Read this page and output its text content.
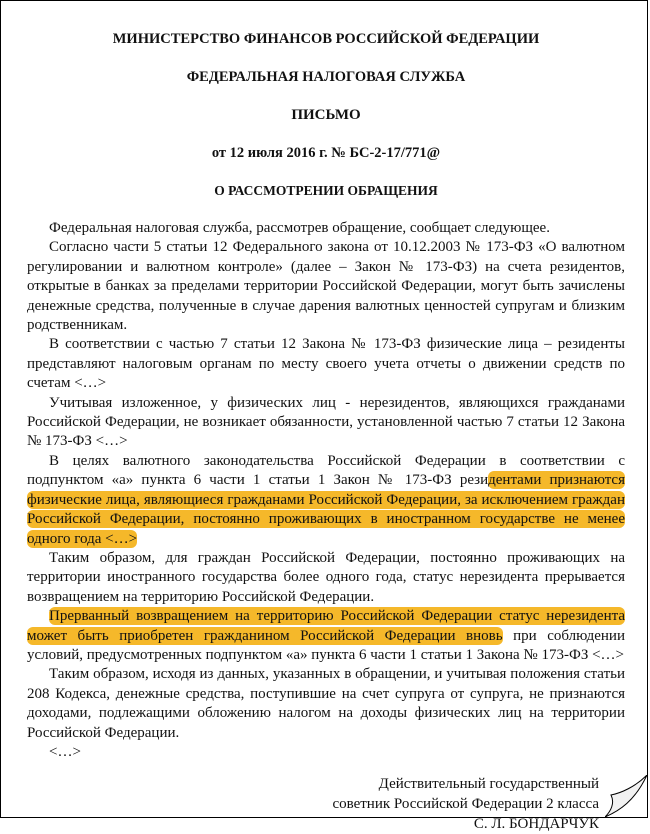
МИНИСТЕРСТВО ФИНАНСОВ РОССИЙСКОЙ ФЕДЕРАЦИИ
ФЕДЕРАЛЬНАЯ НАЛОГОВАЯ СЛУЖБА
ПИСЬМО
от 12 июля 2016 г. № БС-2-17/771@
О РАССМОТРЕНИИ ОБРАЩЕНИЯ

Федеральная налоговая служба, рассмотрев обращение, сообщает следующее.

Согласно части 5 статьи 12 Федерального закона от 10.12.2003 № 173-ФЗ «О валютном регулировании и валютном контроле» (далее – Закон № 173-ФЗ) на счета резидентов, открытые в банках за пределами территории Российской Федерации, могут быть зачислены денежные средства, полученные в случае дарения валютных ценностей супругам и близким родственникам.

В соответствии с частью 7 статьи 12 Закона № 173-ФЗ физические лица – резиденты представляют налоговым органам по месту своего учета отчеты о движении средств по счетам <…>

Учитывая изложенное, у физических лиц - нерезидентов, являющихся гражданами Российской Федерации, не возникает обязанности, установленной частью 7 статьи 12 Закона № 173-ФЗ <…>

В целях валютного законодательства Российской Федерации в соответствии с подпунктом «а» пункта 6 части 1 статьи 1 Закон № 173-ФЗ резидентами признаются физические лица, являющиеся гражданами Российской Федерации, за исключением граждан Российской Федерации, постоянно проживающих в иностранном государстве не менее одного года <…>

Таким образом, для граждан Российской Федерации, постоянно проживающих на территории иностранного государства более одного года, статус нерезидента прерывается возвращением на территорию Российской Федерации.

Прерванный возвращением на территорию Российской Федерации статус нерезидента может быть приобретен гражданином Российской Федерации вновь при соблюдении условий, предусмотренных подпунктом «а» пункта 6 части 1 статьи 1 Закона № 173-ФЗ <…>

Таким образом, исходя из данных, указанных в обращении, и учитывая положения статьи 208 Кодекса, денежные средства, поступившие на счет супруга от супруга, не признаются доходами, подлежащими обложению налогом на доходы физических лиц на территории Российской Федерации.

<…>

Действительный государственный
советник Российской Федерации 2 класса
С. Л. БОНДАРЧУК
